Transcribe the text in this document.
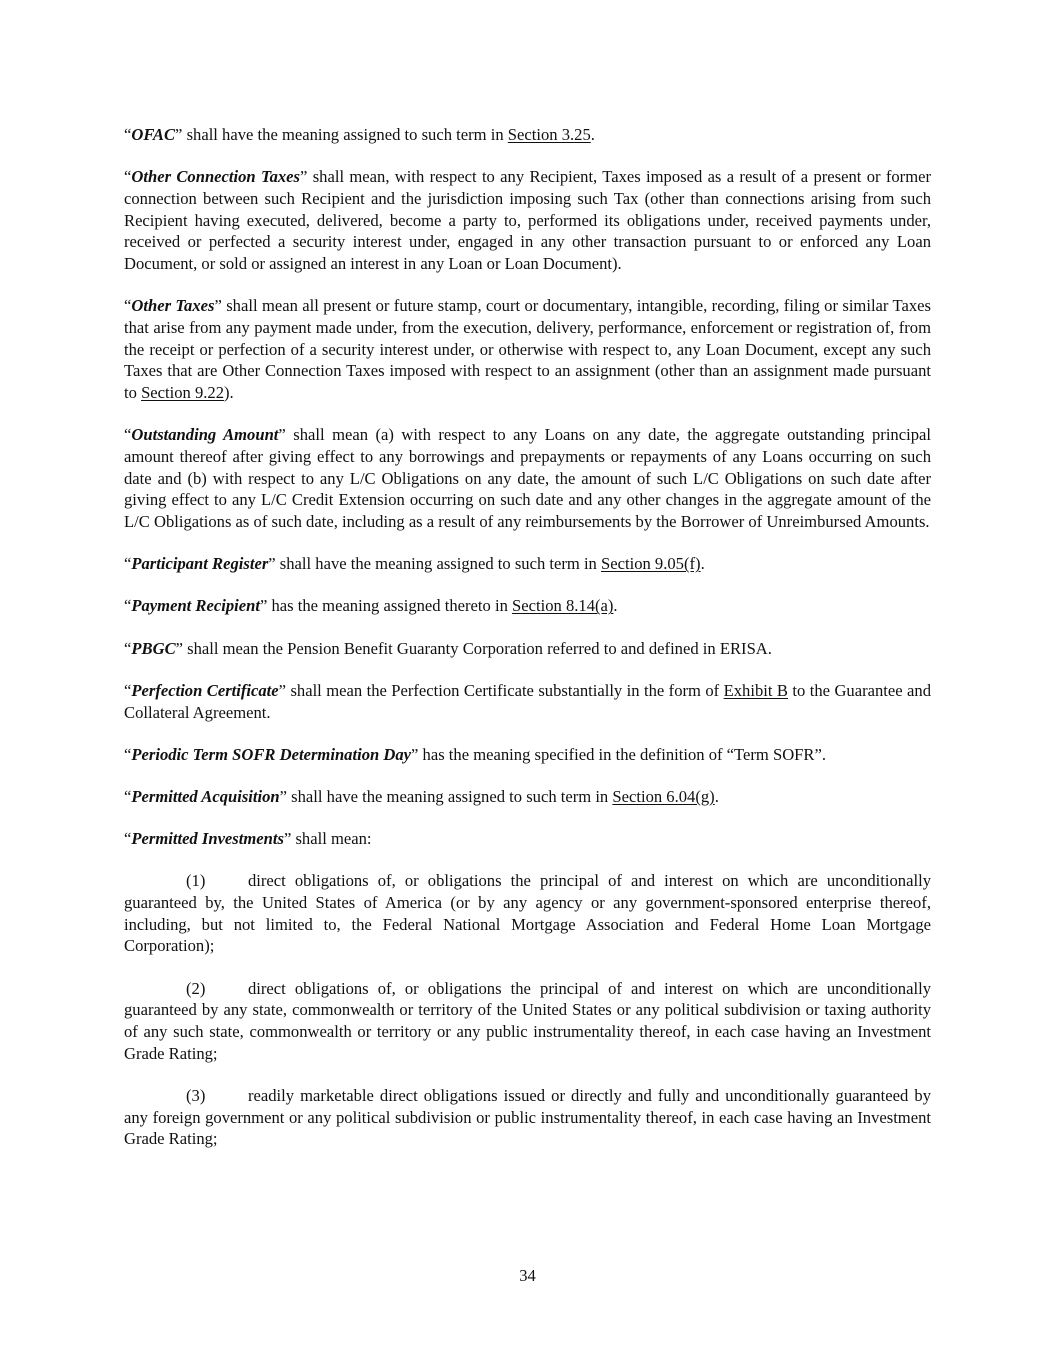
“OFAC” shall have the meaning assigned to such term in Section 3.25.

“Other Connection Taxes” shall mean, with respect to any Recipient, Taxes imposed as a result of a present or former connection between such Recipient and the jurisdiction imposing such Tax (other than connections arising from such Recipient having executed, delivered, become a party to, performed its obligations under, received payments under, received or perfected a security interest under, engaged in any other transaction pursuant to or enforced any Loan Document, or sold or assigned an interest in any Loan or Loan Document).

“Other Taxes” shall mean all present or future stamp, court or documentary, intangible, recording, filing or similar Taxes that arise from any payment made under, from the execution, delivery, performance, enforcement or registration of, from the receipt or perfection of a security interest under, or otherwise with respect to, any Loan Document, except any such Taxes that are Other Connection Taxes imposed with respect to an assignment (other than an assignment made pursuant to Section 9.22).

“Outstanding Amount” shall mean (a) with respect to any Loans on any date, the aggregate outstanding principal amount thereof after giving effect to any borrowings and prepayments or repayments of any Loans occurring on such date and (b) with respect to any L/C Obligations on any date, the amount of such L/C Obligations on such date after giving effect to any L/C Credit Extension occurring on such date and any other changes in the aggregate amount of the L/C Obligations as of such date, including as a result of any reimbursements by the Borrower of Unreimbursed Amounts.

“Participant Register” shall have the meaning assigned to such term in Section 9.05(f).

“Payment Recipient” has the meaning assigned thereto in Section 8.14(a).

“PBGC” shall mean the Pension Benefit Guaranty Corporation referred to and defined in ERISA.

“Perfection Certificate” shall mean the Perfection Certificate substantially in the form of Exhibit B to the Guarantee and Collateral Agreement.

“Periodic Term SOFR Determination Day” has the meaning specified in the definition of “Term SOFR”.

“Permitted Acquisition” shall have the meaning assigned to such term in Section 6.04(g).

“Permitted Investments” shall mean:

(1)	direct obligations of, or obligations the principal of and interest on which are unconditionally guaranteed by, the United States of America (or by any agency or any government-sponsored enterprise thereof, including, but not limited to, the Federal National Mortgage Association and Federal Home Loan Mortgage Corporation);

(2)	direct obligations of, or obligations the principal of and interest on which are unconditionally guaranteed by any state, commonwealth or territory of the United States or any political subdivision or taxing authority of any such state, commonwealth or territory or any public instrumentality thereof, in each case having an Investment Grade Rating;

(3)	readily marketable direct obligations issued or directly and fully and unconditionally guaranteed by any foreign government or any political subdivision or public instrumentality thereof, in each case having an Investment Grade Rating;

34
